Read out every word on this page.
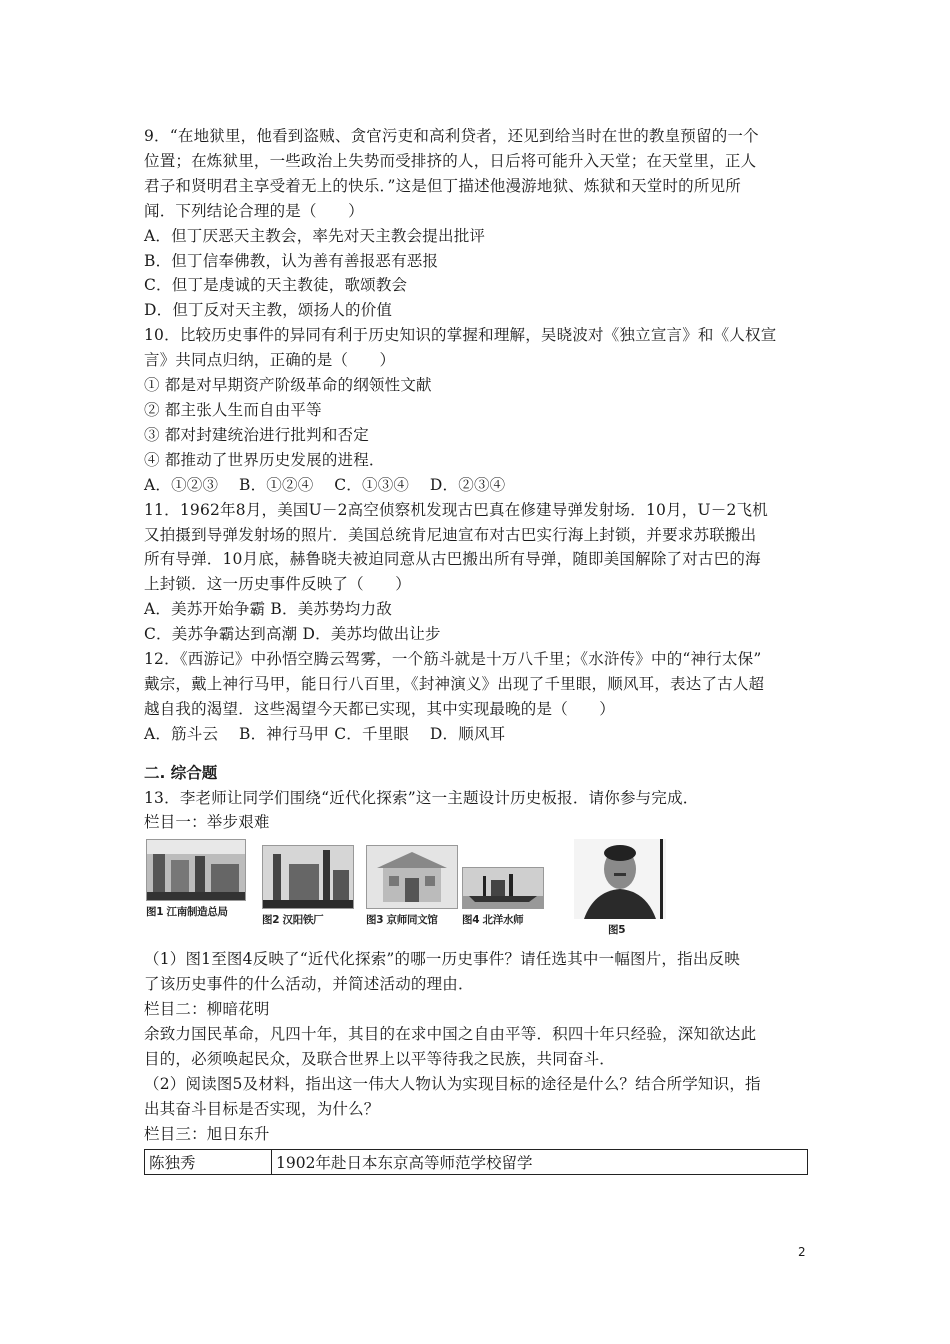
9．“在地狱里，他看到盗贼、贪官污吏和高利贷者，还见到给当时在世的教皇预留的一个
位置；在炼狱里，一些政治上失势而受排挤的人，日后将可能升入天堂；在天堂里，正人
君子和贤明君主享受着无上的快乐．”这是但丁描述他漫游地狱、炼狱和天堂时的所见所
闻．下列结论合理的是（　　）
A．但丁厌恶天主教会，率先对天主教会提出批评
B．但丁信奉佛教，认为善有善报恶有恶报
C．但丁是虔诚的天主教徒，歌颂教会
D．但丁反对天主教，颂扬人的价值
10．比较历史事件的异同有利于历史知识的掌握和理解，吴晓波对《独立宣言》和《人权宣
言》共同点归纳，正确的是（　　）
① 都是对早期资产阶级革命的纲领性文献
② 都主张人生而自由平等
③ 都对封建统治进行批判和否定
④ 都推动了世界历史发展的进程．
A．①②③　 B．①②④　 C．①③④　 D．②③④
11．1962年8月，美国U－2高空侦察机发现古巴真在修建导弹发射场．10月，U－2飞机
又拍摄到导弹发射场的照片．美国总统肯尼迪宣布对古巴实行海上封锁，并要求苏联搬出
所有导弹．10月底，赫鲁晓夫被迫同意从古巴搬出所有导弹，随即美国解除了对古巴的海
上封锁．这一历史事件反映了（　　）
A．美苏开始争霸 B．美苏势均力敌
C．美苏争霸达到高潮 D．美苏均做出让步
12．《西游记》中孙悟空腾云驾雾，一个筋斗就是十万八千里；《水浒传》中的“神行太保”
戴宗，戴上神行马甲，能日行八百里，《封神演义》出现了千里眼，顺风耳，表达了古人超
越自我的渴望．这些渴望今天都已实现，其中实现最晚的是（　　）
A．筋斗云　 B．神行马甲 C．千里眼　 D．顺风耳
二. 综合题
13．李老师让同学们围绕“近代化探索”这一主题设计历史板报．请你参与完成．
栏目一：举步艰难
图1 江南制造总局
图2 汉阳铁厂	图3 京师同文馆	图4 北洋水师
图5
（1）图1至图4反映了“近代化探索”的哪一历史事件？请任选其中一幅图片，指出反映
了该历史事件的什么活动，并简述活动的理由．
栏目二：柳暗花明
余致力国民革命，凡四十年，其目的在求中国之自由平等．积四十年只经验，深知欲达此
目的，必须唤起民众，及联合世界上以平等待我之民族，共同奋斗．
（2）阅读图5及材料，指出这一伟大人物认为实现目标的途径是什么？结合所学知识，指
出其奋斗目标是否实现，为什么？
栏目三：旭日东升
陈独秀	1902年赴日本东京高等师范学校留学
2
